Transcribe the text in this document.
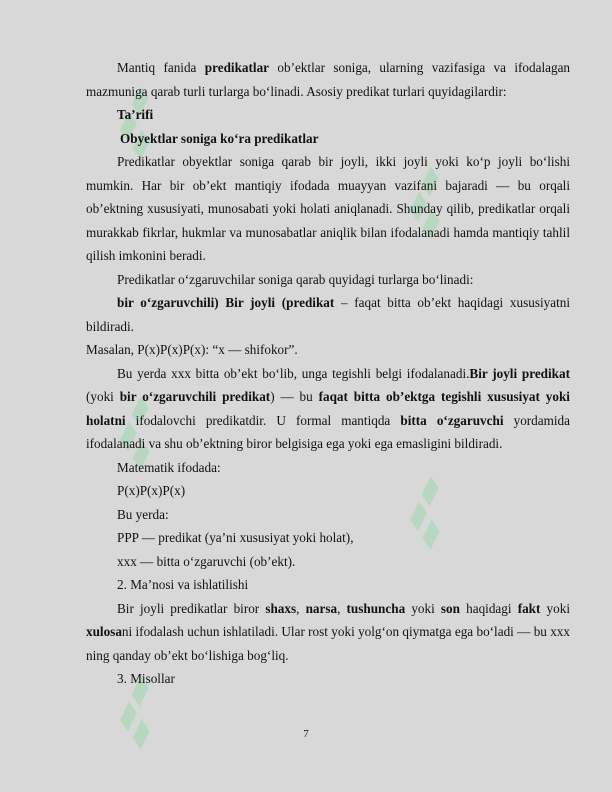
Mantiq fanida predikatlar ob’ektlar soniga, ularning vazifasiga va ifodalagan mazmuniga qarab turli turlarga bo‘linadi. Asosiy predikat turlari quyidagilardir:

Ta’rifi

Obyektlar soniga ko‘ra predikatlar

Predikatlar obyektlar soniga qarab bir joyli, ikki joyli yoki ko‘p joyli bo‘lishi mumkin. Har bir ob’ekt mantiqiy ifodada muayyan vazifani bajaradi — bu orqali ob’ektning xususiyati, munosabati yoki holati aniqlanadi. Shunday qilib, predikatlar orqali murakkab fikrlar, hukmlar va munosabatlar aniqlik bilan ifodalanadi hamda mantiqiy tahlil qilish imkonini beradi.

Predikatlar o‘zgaruvchilar soniga qarab quyidagi turlarga bo‘linadi:

bir o‘zgaruvchili) Bir joyli (predikat – faqat bitta ob’ekt haqidagi xususiyatni bildiradi.

Masalan, P(x)P(x)P(x): “x — shifokor”.

Bu yerda xxx bitta ob’ekt bo‘lib, unga tegishli belgi ifodalanadi.Bir joyli predikat (yoki bir o‘zgaruvchili predikat) — bu faqat bitta ob’ektga tegishli xususiyat yoki holatni ifodalovchi predikatdir. U formal mantiqda bitta o‘zgaruvchi yordamida ifodalanadi va shu ob’ektning biror belgisiga ega yoki ega emasligini bildiradi.

Matematik ifodada:

P(x)P(x)P(x)

Bu yerda:

PPP — predikat (ya’ni xususiyat yoki holat),

xxx — bitta o‘zgaruvchi (ob’ekt).

2. Ma’nosi va ishlatilishi

Bir joyli predikatlar biror shaxs, narsa, tushuncha yoki son haqidagi fakt yoki xulosani ifodalash uchun ishlatiladi. Ular rost yoki yolg‘on qiymatga ega bo‘ladi — bu xxx ning qanday ob’ekt bo‘lishiga bog‘liq.

3. Misollar

7
